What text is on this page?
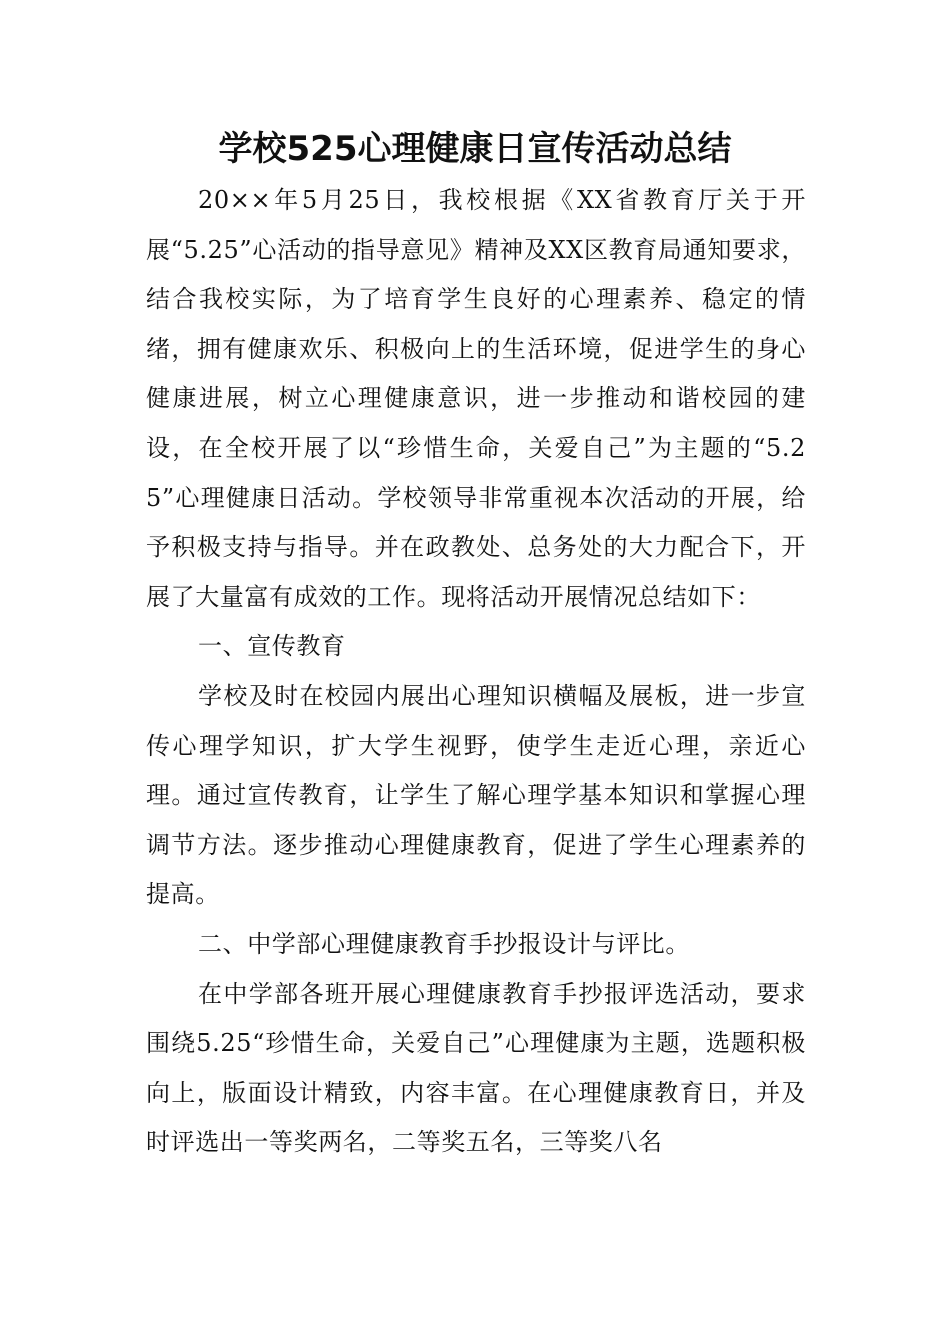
学校525心理健康日宣传活动总结

20××年5月25日，我校根据《XX省教育厅关于开展“5.25”心活动的指导意见》精神及XX区教育局通知要求，结合我校实际，为了培育学生良好的心理素养、稳定的情绪，拥有健康欢乐、积极向上的生活环境，促进学生的身心健康进展，树立心理健康意识，进一步推动和谐校园的建设，在全校开展了以“珍惜生命，关爱自己”为主题的“5.25”心理健康日活动。学校领导非常重视本次活动的开展，给予积极支持与指导。并在政教处、总务处的大力配合下，开展了大量富有成效的工作。现将活动开展情况总结如下：

一、宣传教育

学校及时在校园内展出心理知识横幅及展板，进一步宣传心理学知识，扩大学生视野，使学生走近心理，亲近心理。通过宣传教育，让学生了解心理学基本知识和掌握心理调节方法。逐步推动心理健康教育，促进了学生心理素养的提高。

二、中学部心理健康教育手抄报设计与评比。

在中学部各班开展心理健康教育手抄报评选活动，要求围绕5.25“珍惜生命，关爱自己”心理健康为主题，选题积极向上，版面设计精致，内容丰富。在心理健康教育日，并及时评选出一等奖两名，二等奖五名，三等奖八名
